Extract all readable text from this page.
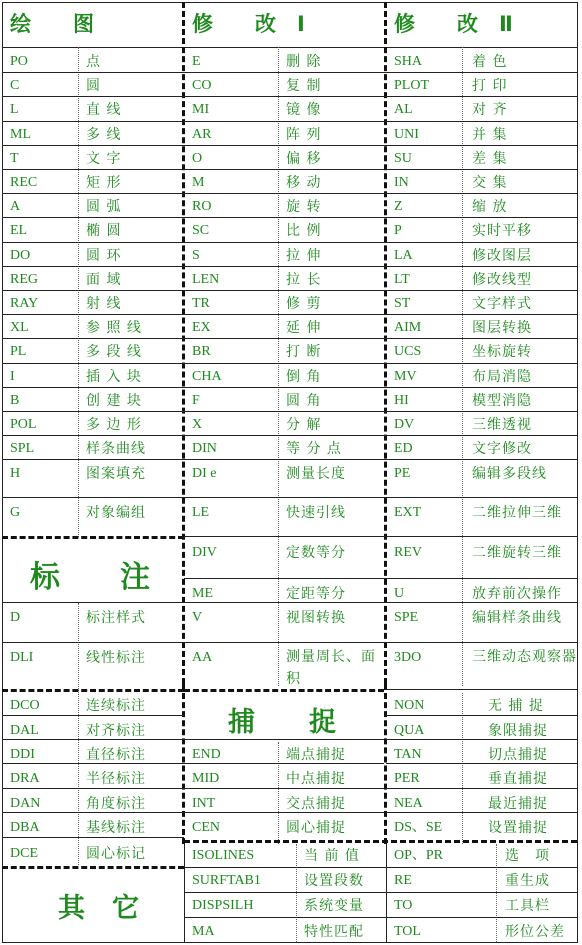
绘　　图	修　　改　Ⅰ	修　　改　Ⅱ
标　　注
捕　　捉
其　它
PO	点
C	圆
L	直 线
ML	多 线
T	文 字
REC	矩 形
A	圆 弧
EL	椭 圆
DO	圆 环
REG	面 域
RAY	射 线
XL	参 照 线
PL	多 段 线
I	插 入 块
B	创 建 块
POL	多 边 形
SPL	样条曲线
H	图案填充
G	对象编组
D	标注样式
DLI	线性标注
DCO	连续标注
DAL	对齐标注
DDI	直径标注
DRA	半径标注
DAN	角度标注
DBA	基线标注
DCE	圆心标记
E	删 除
CO	复 制
MI	镜 像
AR	阵 列
O	偏 移
M	移 动
RO	旋 转
SC	比 例
S	拉 伸
LEN	拉 长
TR	修 剪
EX	延 伸
BR	打 断
CHA	倒 角
F	圆 角
X	分 解
DIN	等 分 点
DI e	测量长度
LE	快速引线
DIV	定数等分
ME	定距等分
V	视图转换
AA	测量周长、面积
END	端点捕捉
MID	中点捕捉
INT	交点捕捉
CEN	圆心捕捉
ISOLINES	当 前 值
SURFTAB1	设置段数
DISPSILH	系统变量
MA	特性匹配
SHA	着 色
PLOT	打 印
AL	对 齐
UNI	并 集
SU	差 集
IN	交 集
Z	缩 放
P	实时平移
LA	修改图层
LT	修改线型
ST	文字样式
AIM	图层转换
UCS	坐标旋转
MV	布局消隐
HI	模型消隐
DV	三维透视
ED	文字修改
PE	编辑多段线
EXT	二维拉伸三维
REV	二维旋转三维
U	放弃前次操作
SPE	编辑样条曲线
3DO	三维动态观察器
NON	无 捕 捉
QUA	象限捕捉
TAN	切点捕捉
PER	垂直捕捉
NEA	最近捕捉
DS、SE	设置捕捉
OP、PR	选　项
RE	重生成
TO	工具栏
TOL	形位公差
